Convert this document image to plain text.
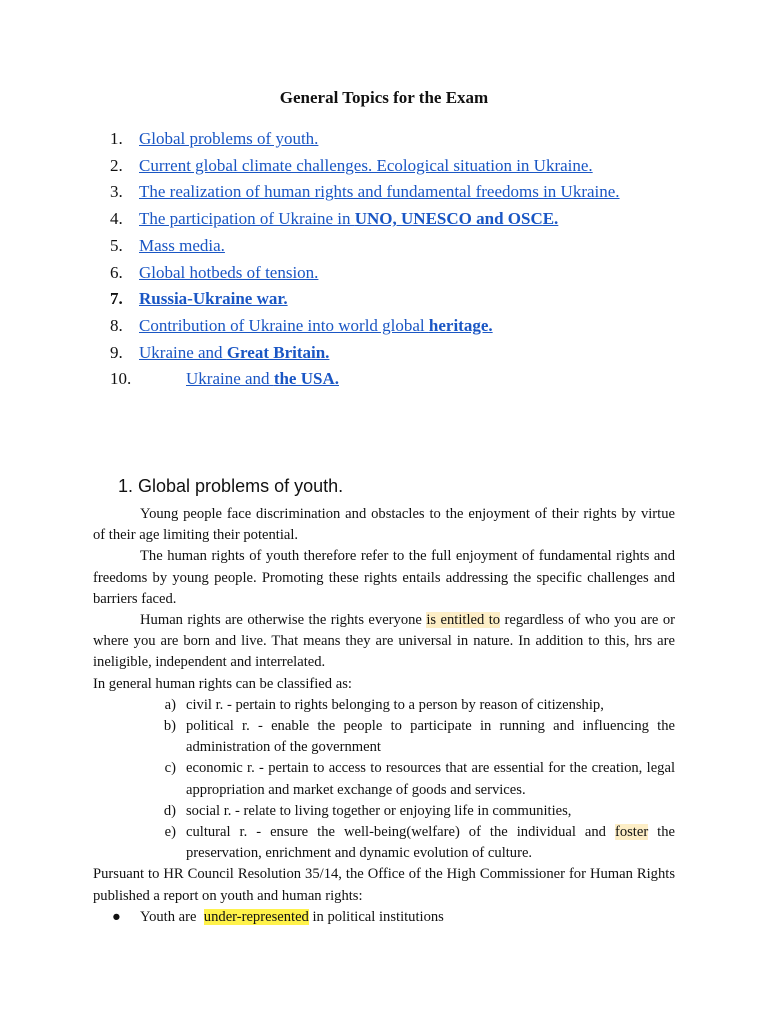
General Topics for the Exam
1. Global problems of youth.
2. Current global climate challenges. Ecological situation in Ukraine.
3. The realization of human rights and fundamental freedoms in Ukraine.
4. The participation of Ukraine in UNO, UNESCO and OSCE.
5. Mass media.
6. Global hotbeds of tension.
7. Russia-Ukraine war.
8. Contribution of Ukraine into world global heritage.
9. Ukraine and Great Britain.
10.	Ukraine and the USA.
1. Global problems of youth.

Young people face discrimination and obstacles to the enjoyment of their rights by virtue of their age limiting their potential.

The human rights of youth therefore refer to the full enjoyment of fundamental rights and freedoms by young people. Promoting these rights entails addressing the specific challenges and barriers faced.

Human rights are otherwise the rights everyone is entitled to regardless of who you are or where you are born and live. That means they are universal in nature. In addition to this, hrs are ineligible, independent and interrelated.

In general human rights can be classified as:

a) civil r. - pertain to rights belonging to a person by reason of citizenship,
b) political r. - enable the people to participate in running and influencing the administration of the government
c) economic r. - pertain to access to resources that are essential for the creation, legal appropriation and market exchange of goods and services.
d) social r. - relate to living together or enjoying life in communities,
e) cultural r. - ensure the well-being(welfare) of the individual and foster the preservation, enrichment and dynamic evolution of culture.

Pursuant to HR Council Resolution 35/14, the Office of the High Commissioner for Human Rights published a report on youth and human rights:

●	Youth are  under-represented in political institutions
